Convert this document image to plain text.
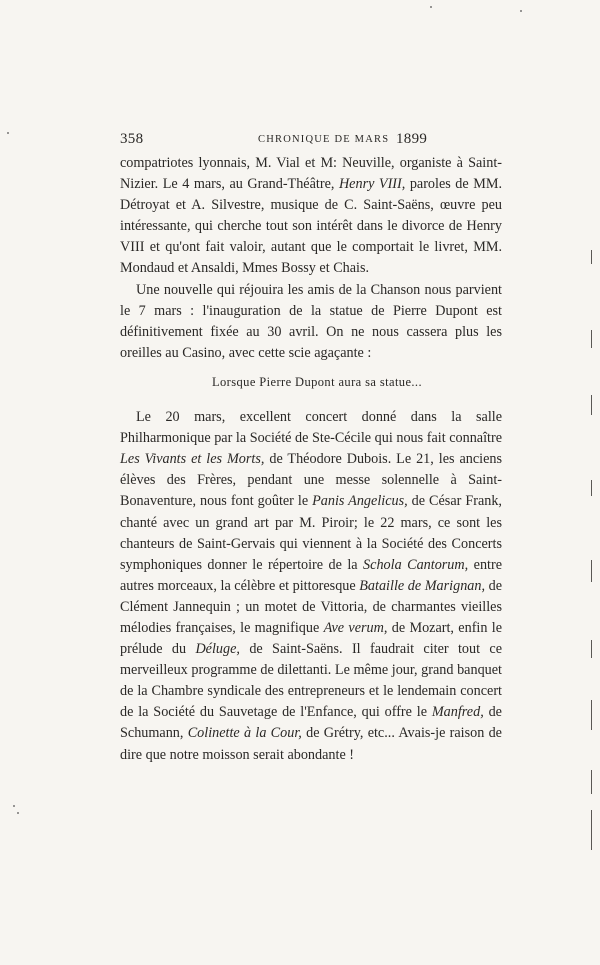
358	CHRONIQUE DE MARS 1899

compatriotes lyonnais, M. Vial et M: Neuville, organiste à Saint-Nizier. Le 4 mars, au Grand-Théâtre, Henry VIII, paroles de MM. Détroyat et A. Silvestre, musique de C. Saint-Saëns, œuvre peu intéressante, qui cherche tout son intérêt dans le divorce de Henry VIII et qu'ont fait valoir, autant que le comportait le livret, MM. Mondaud et Ansaldi, Mmes Bossy et Chais.

Une nouvelle qui réjouira les amis de la Chanson nous parvient le 7 mars : l'inauguration de la statue de Pierre Dupont est définitivement fixée au 30 avril. On ne nous cassera plus les oreilles au Casino, avec cette scie agaçante :

Lorsque Pierre Dupont aura sa statue...

Le 20 mars, excellent concert donné dans la salle Philharmonique par la Société de Ste-Cécile qui nous fait connaître Les Vivants et les Morts, de Théodore Dubois. Le 21, les anciens élèves des Frères, pendant une messe solennelle à Saint-Bonaventure, nous font goûter le Panis Angelicus, de César Frank, chanté avec un grand art par M. Piroir; le 22 mars, ce sont les chanteurs de Saint-Gervais qui viennent à la Société des Concerts symphoniques donner le répertoire de la Schola Cantorum, entre autres morceaux, la célèbre et pittoresque Bataille de Marignan, de Clément Jannequin ; un motet de Vittoria, de charmantes vieilles mélodies françaises, le magnifique Ave verum, de Mozart, enfin le prélude du Déluge, de Saint-Saëns. Il faudrait citer tout ce merveilleux programme de dilettanti. Le même jour, grand banquet de la Chambre syndicale des entrepreneurs et le lendemain concert de la Société du Sauvetage de l'Enfance, qui offre le Manfred, de Schumann, Colinette à la Cour, de Grétry, etc... Avais-je raison de dire que notre moisson serait abondante !
